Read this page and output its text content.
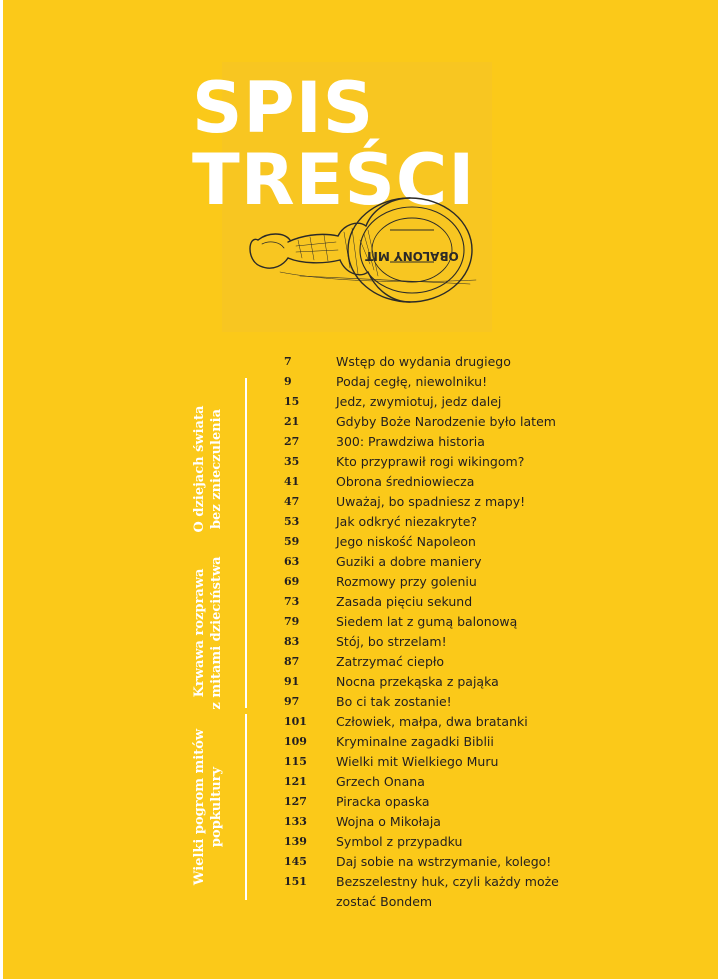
SPIS
TREŚCI
OBALONY MIT
O dziejach świata bez znieczulenia
Krwawa rozprawa z mitami dzieciństwa
Wielki pogrom mitów popkultury
7	Wstęp do wydania drugiego
9	Podaj cegłę, niewolniku!
15	Jedz, zwymiotuj, jedz dalej
21	Gdyby Boże Narodzenie było latem
27	300: Prawdziwa historia
35	Kto przyprawił rogi wikingom?
41	Obrona średniowiecza
47	Uważaj, bo spadniesz z mapy!
53	Jak odkryć niezakryte?
59	Jego niskość Napoleon
63	Guziki a dobre maniery
69	Rozmowy przy goleniu
73	Zasada pięciu sekund
79	Siedem lat z gumą balonową
83	Stój, bo strzelam!
87	Zatrzymać ciepło
91	Nocna przekąska z pająka
97	Bo ci tak zostanie!
101	Człowiek, małpa, dwa bratanki
109	Kryminalne zagadki Biblii
115	Wielki mit Wielkiego Muru
121	Grzech Onana
127	Piracka opaska
133	Wojna o Mikołaja
139	Symbol z przypadku
145	Daj sobie na wstrzymanie, kolego!
151	Bezszelestny huk, czyli każdy może zostać Bondem
